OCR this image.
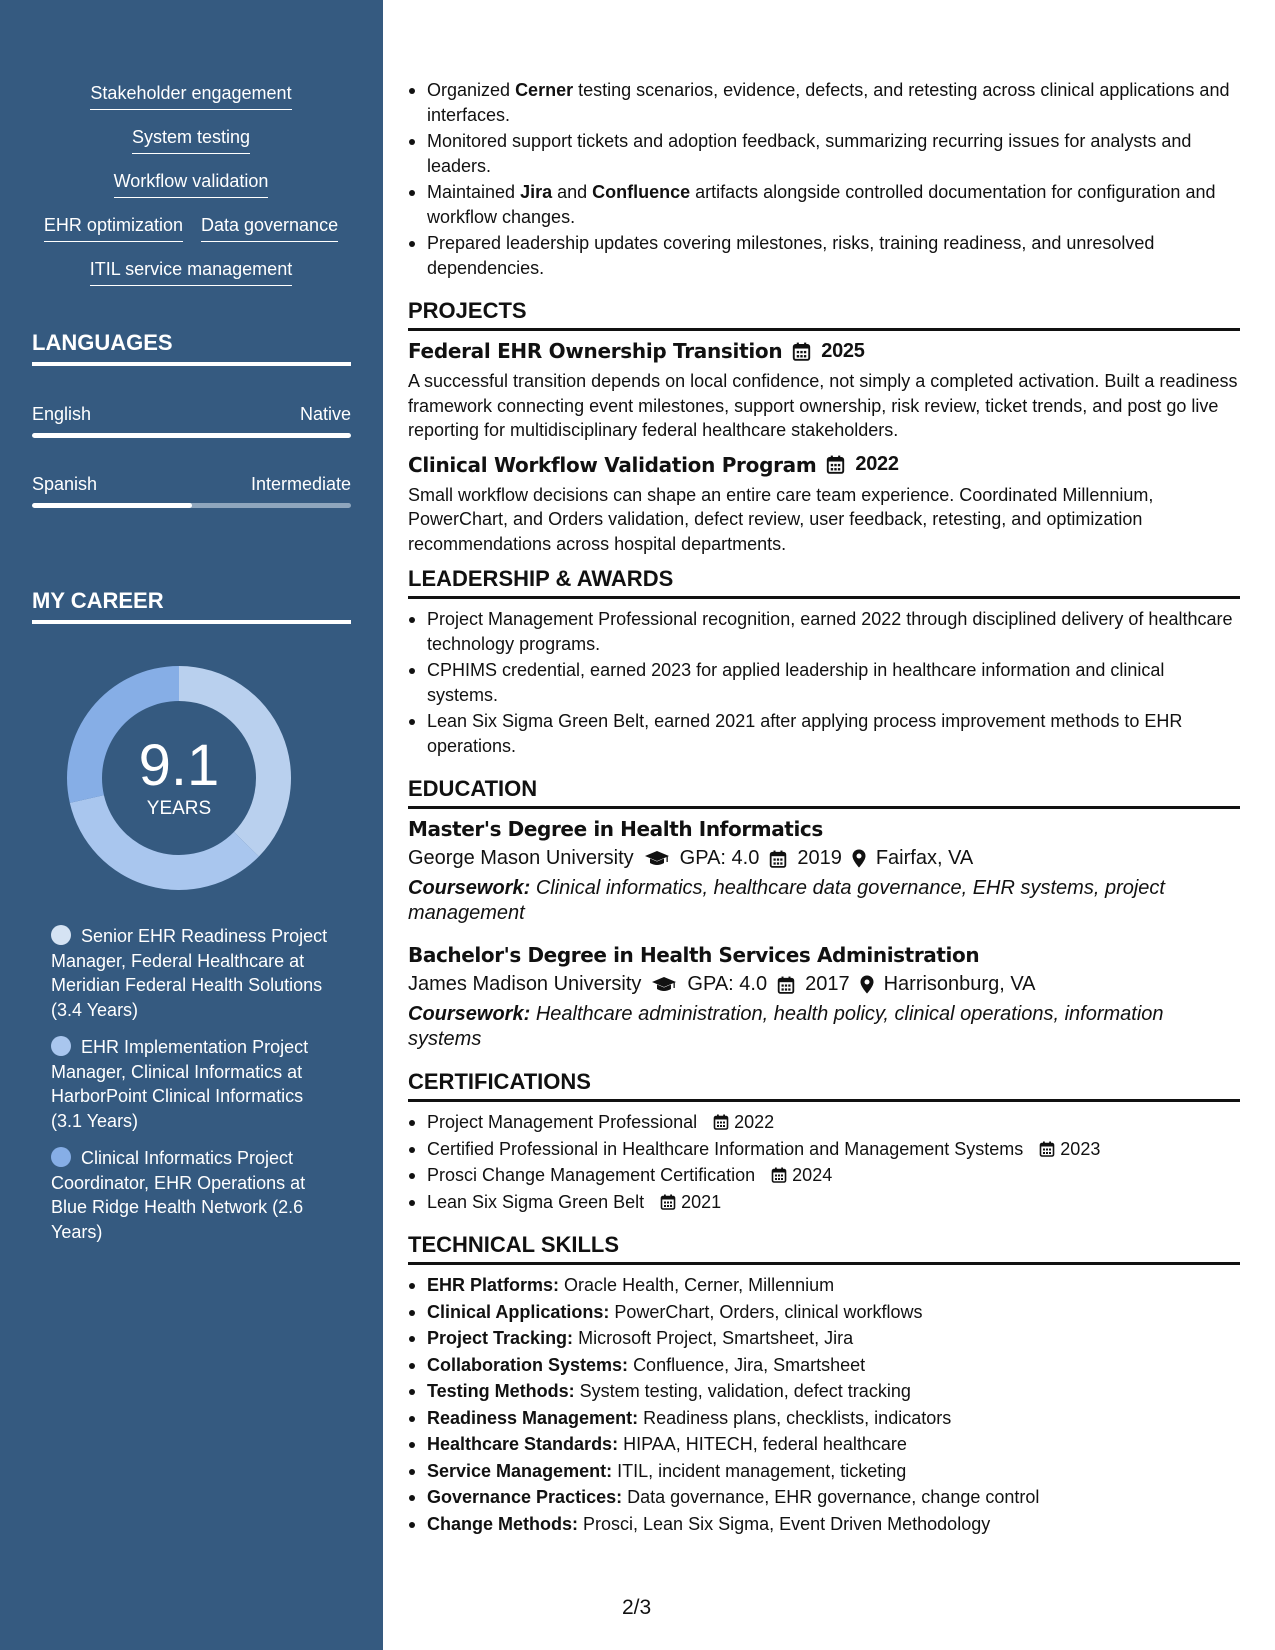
Stakeholder engagement
System testing
Workflow validation
EHR optimization Data governance
ITIL service management
LANGUAGES
English	Native
Spanish	Intermediate
MY CAREER
9.1
YEARS
Senior EHR Readiness Project Manager, Federal Healthcare at Meridian Federal Health Solutions (3.4 Years)
EHR Implementation Project Manager, Clinical Informatics at HarborPoint Clinical Informatics (3.1 Years)
Clinical Informatics Project Coordinator, EHR Operations at Blue Ridge Health Network (2.6 Years)
Organized Cerner testing scenarios, evidence, defects, and retesting across clinical applications and interfaces.
Monitored support tickets and adoption feedback, summarizing recurring issues for analysts and leaders.
Maintained Jira and Confluence artifacts alongside controlled documentation for configuration and workflow changes.
Prepared leadership updates covering milestones, risks, training readiness, and unresolved dependencies.
PROJECTS
Federal EHR Ownership Transition 2025
A successful transition depends on local confidence, not simply a completed activation. Built a readiness framework connecting event milestones, support ownership, risk review, ticket trends, and post go live reporting for multidisciplinary federal healthcare stakeholders.
Clinical Workflow Validation Program 2022
Small workflow decisions can shape an entire care team experience. Coordinated Millennium, PowerChart, and Orders validation, defect review, user feedback, retesting, and optimization recommendations across hospital departments.
LEADERSHIP & AWARDS
Project Management Professional recognition, earned 2022 through disciplined delivery of healthcare technology programs.
CPHIMS credential, earned 2023 for applied leadership in healthcare information and clinical systems.
Lean Six Sigma Green Belt, earned 2021 after applying process improvement methods to EHR operations.
EDUCATION
Master's Degree in Health Informatics
George Mason University GPA: 4.0 2019 Fairfax, VA
Coursework: Clinical informatics, healthcare data governance, EHR systems, project management
Bachelor's Degree in Health Services Administration
James Madison University GPA: 4.0 2017 Harrisonburg, VA
Coursework: Healthcare administration, health policy, clinical operations, information systems
CERTIFICATIONS
Project Management Professional 2022
Certified Professional in Healthcare Information and Management Systems 2023
Prosci Change Management Certification 2024
Lean Six Sigma Green Belt 2021
TECHNICAL SKILLS
EHR Platforms: Oracle Health, Cerner, Millennium
Clinical Applications: PowerChart, Orders, clinical workflows
Project Tracking: Microsoft Project, Smartsheet, Jira
Collaboration Systems: Confluence, Jira, Smartsheet
Testing Methods: System testing, validation, defect tracking
Readiness Management: Readiness plans, checklists, indicators
Healthcare Standards: HIPAA, HITECH, federal healthcare
Service Management: ITIL, incident management, ticketing
Governance Practices: Data governance, EHR governance, change control
Change Methods: Prosci, Lean Six Sigma, Event Driven Methodology
2/3
